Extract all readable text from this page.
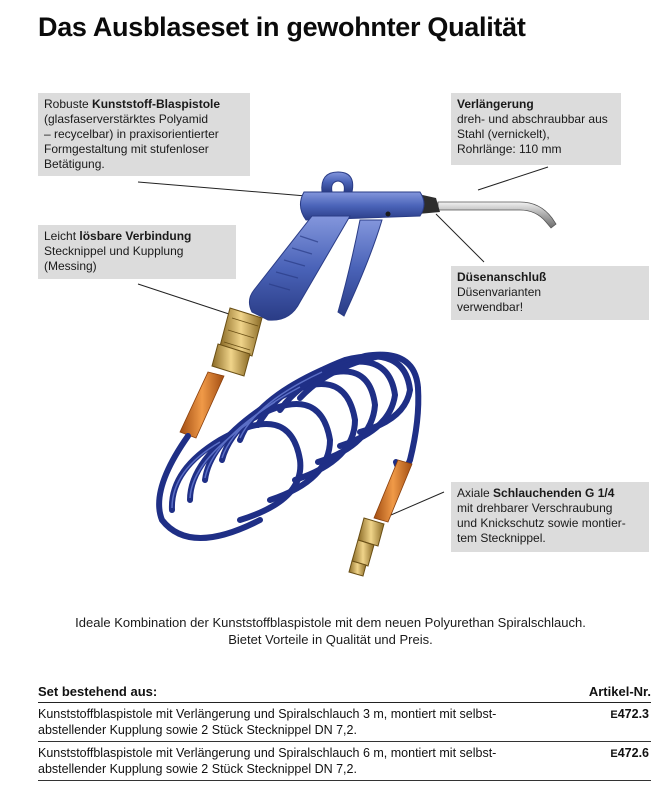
Das Ausblaseset in gewohnter Qualität
Robuste Kunststoff-Blaspistole
(glasfaserverstärktes Polyamid
– recycelbar) in praxisorientierter
Formgestaltung mit stufenloser
Betätigung.
Verlängerung
dreh- und abschraubbar aus
Stahl (vernickelt),
Rohrlänge: 110 mm
Leicht lösbare Verbindung
Stecknippel und Kupplung
(Messing)
Düsenanschluß
Düsenvarianten
verwendbar!
Axiale Schlauchenden G 1/4
mit drehbarer Verschraubung
und Knickschutz sowie montier-
tem Stecknippel.
Ideale Kombination der Kunststoffblaspistole mit dem neuen Polyurethan Spiralschlauch.
Bietet Vorteile in Qualität und Preis.
Set bestehend aus:	Artikel-Nr.
Kunststoffblaspistole mit Verlängerung und Spiralschlauch 3 m, montiert mit selbst-
abstellender Kupplung sowie 2 Stück Stecknippel DN 7,2.
E472.3
Kunststoffblaspistole mit Verlängerung und Spiralschlauch 6 m, montiert mit selbst-
abstellender Kupplung sowie 2 Stück Stecknippel DN 7,2.
E472.6
